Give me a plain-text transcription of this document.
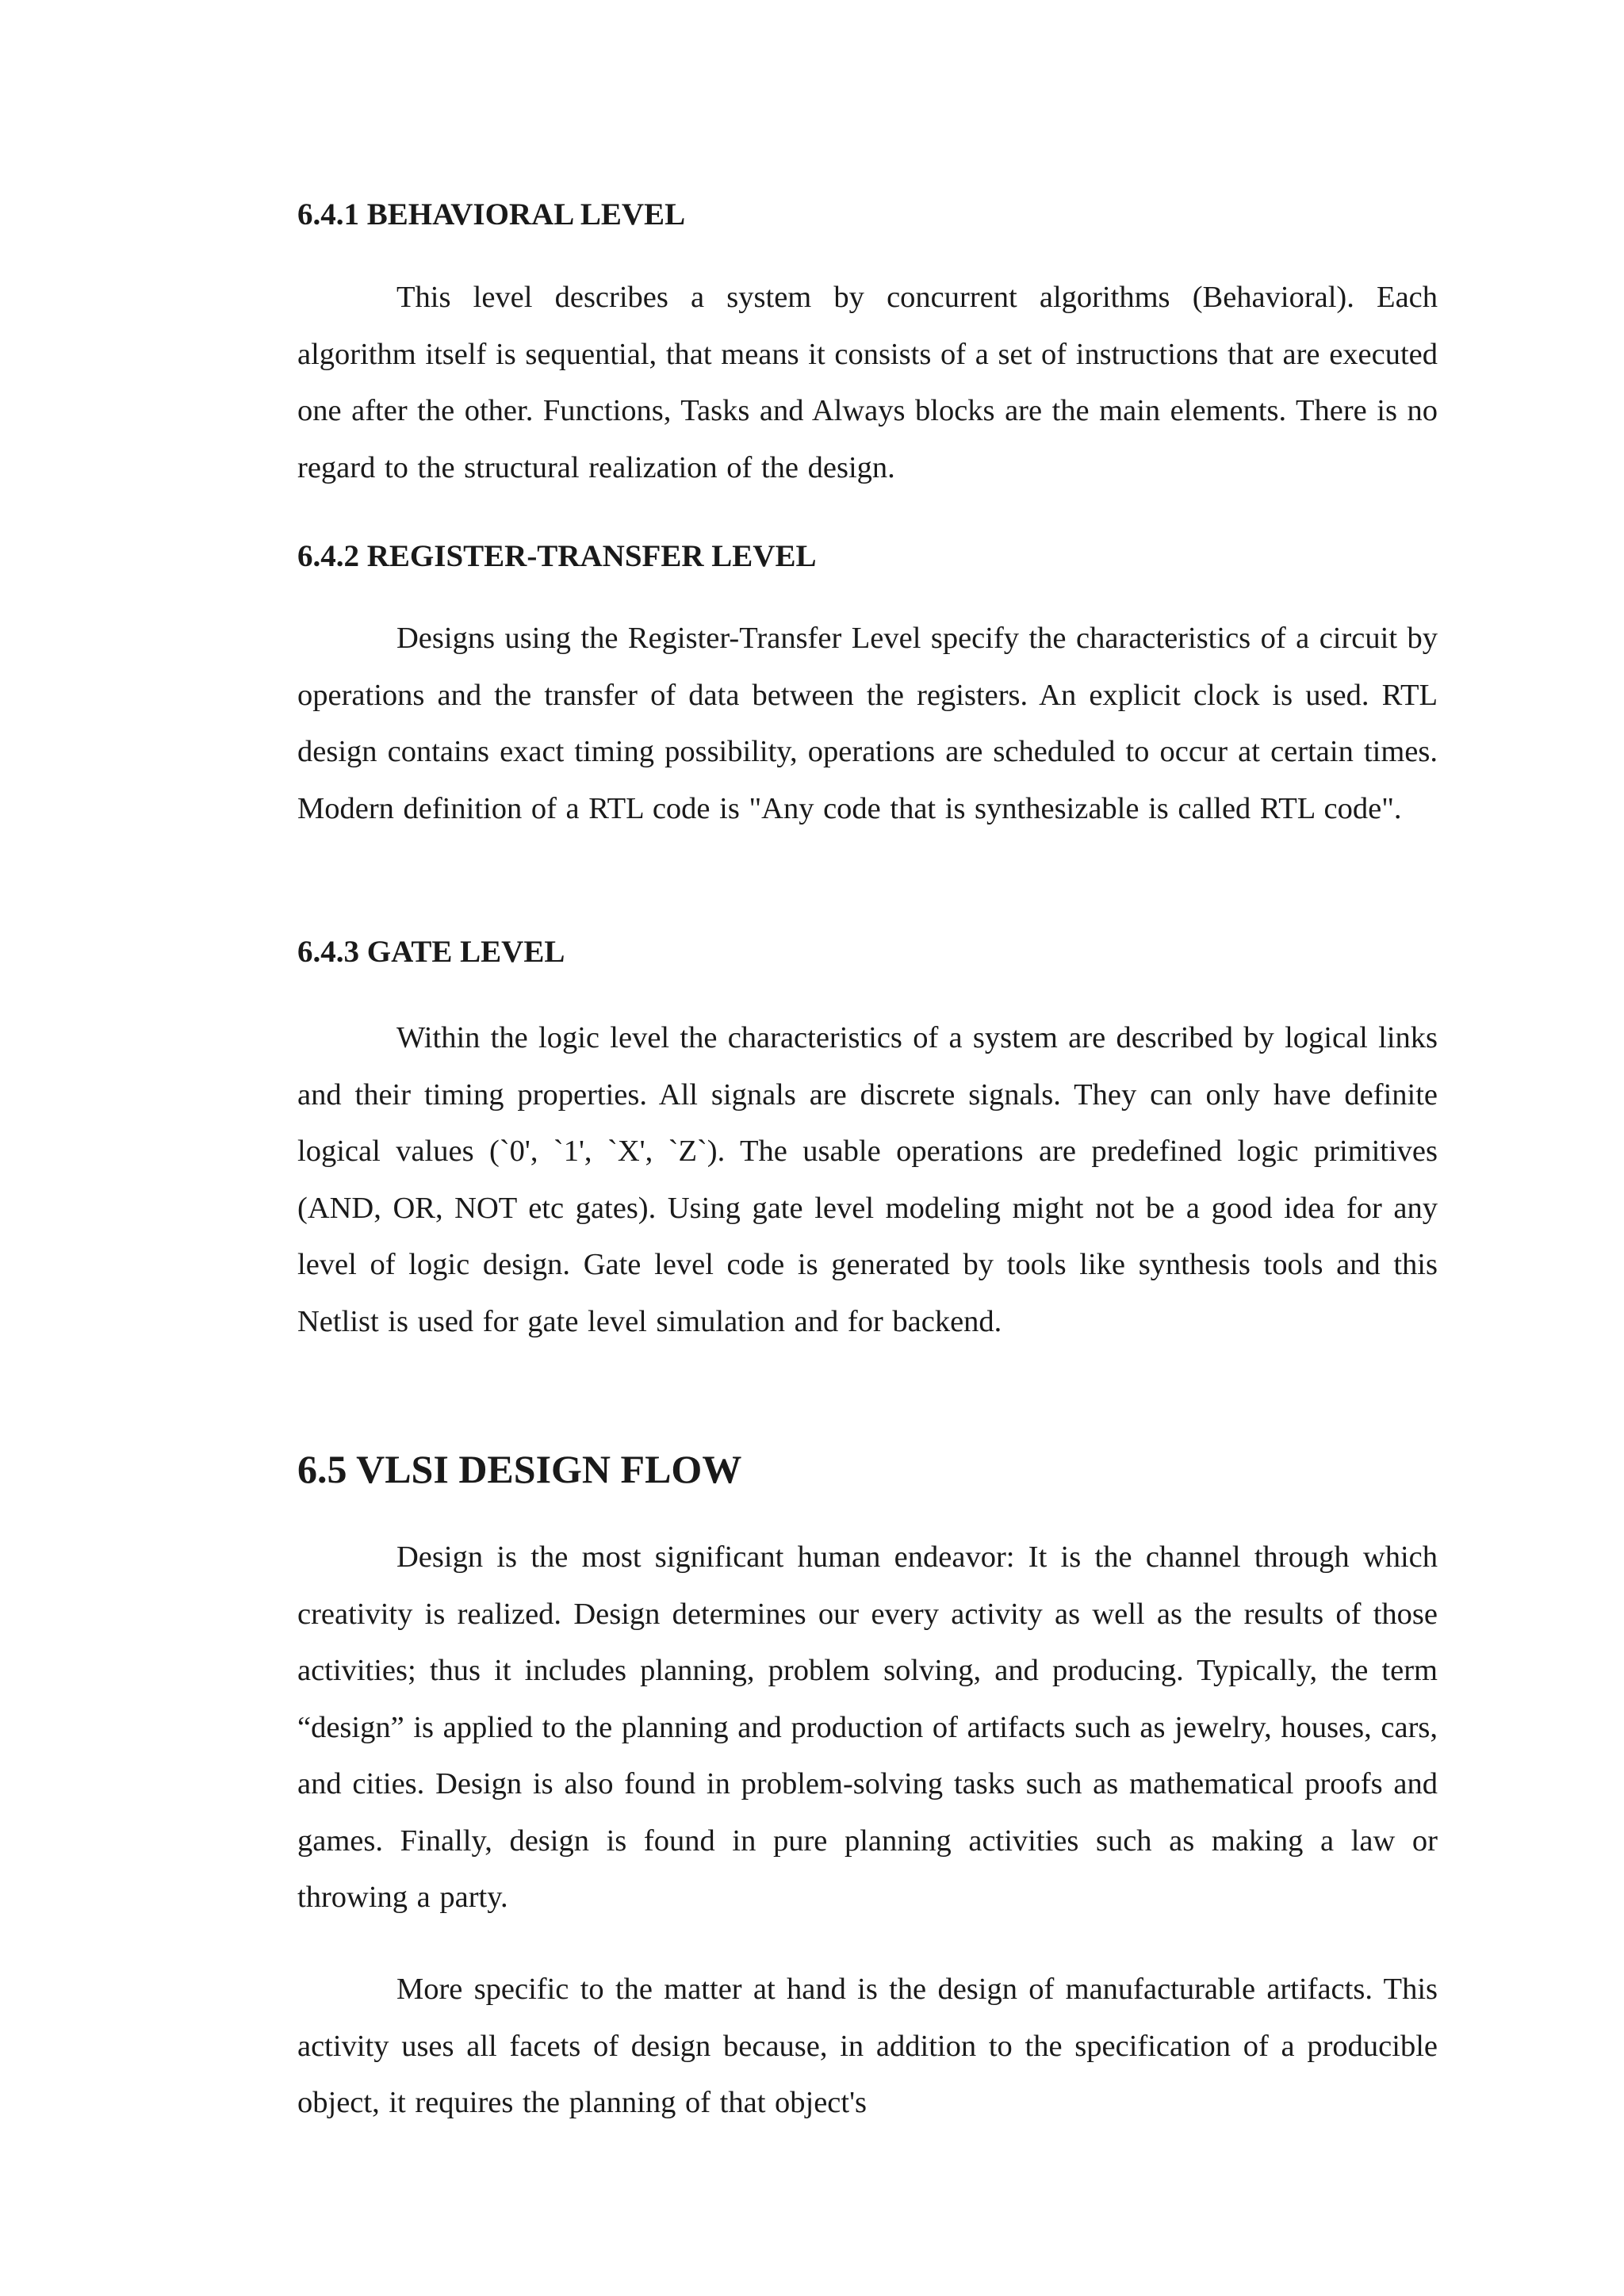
6.4.1 BEHAVIORAL LEVEL

This level describes a system by concurrent algorithms (Behavioral). Each algorithm itself is sequential, that means it consists of a set of instructions that are executed one after the other. Functions, Tasks and Always blocks are the main elements. There is no regard to the structural realization of the design.

6.4.2 REGISTER-TRANSFER LEVEL

Designs using the Register-Transfer Level specify the characteristics of a circuit by operations and the transfer of data between the registers. An explicit clock is used. RTL design contains exact timing possibility, operations are scheduled to occur at certain times. Modern definition of a RTL code is "Any code that is synthesizable is called RTL code".

6.4.3 GATE LEVEL

Within the logic level the characteristics of a system are described by logical links and their timing properties. All signals are discrete signals. They can only have definite logical values (`0', `1', `X', `Z`). The usable operations are predefined logic primitives (AND, OR, NOT etc gates). Using gate level modeling might not be a good idea for any level of logic design. Gate level code is generated by tools like synthesis tools and this Netlist is used for gate level simulation and for backend.

6.5 VLSI DESIGN FLOW

Design is the most significant human endeavor: It is the channel through which creativity is realized. Design determines our every activity as well as the results of those activities; thus it includes planning, problem solving, and producing. Typically, the term “design” is applied to the planning and production of artifacts such as jewelry, houses, cars, and cities. Design is also found in problem-solving tasks such as mathematical proofs and games. Finally, design is found in pure planning activities such as making a law or throwing a party.

More specific to the matter at hand is the design of manufacturable artifacts. This activity uses all facets of design because, in addition to the specification of a producible object, it requires the planning of that object's
